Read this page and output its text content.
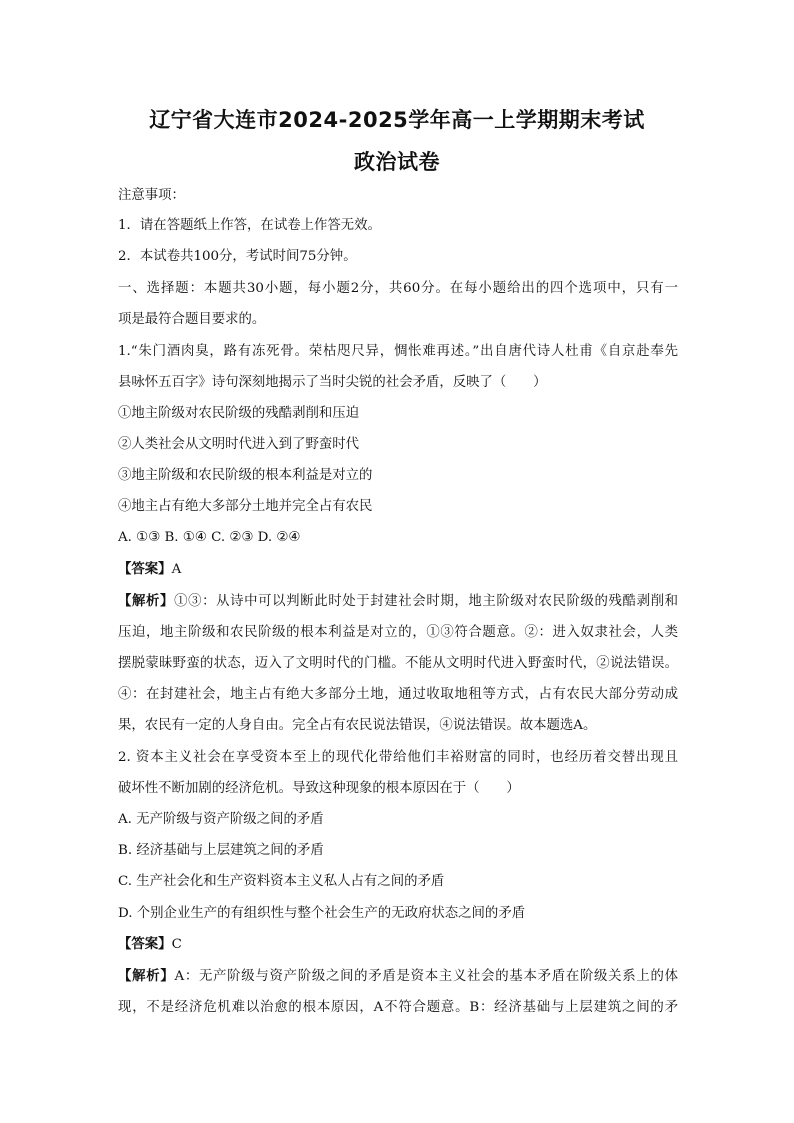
辽宁省大连市2024-2025学年高一上学期期末考试
政治试卷
注意事项：
1．请在答题纸上作答，在试卷上作答无效。
2．本试卷共100分，考试时间75分钟。
一、选择题：本题共30小题，每小题2分，共60分。在每小题给出的四个选项中，只有一
项是最符合题目要求的。
1.“朱门酒肉臭，路有冻死骨。荣枯咫尺异，惆怅难再述。”出自唐代诗人杜甫《自京赴奉先
县咏怀五百字》诗句深刻地揭示了当时尖锐的社会矛盾，反映了（　　）
①地主阶级对农民阶级的残酷剥削和压迫
②人类社会从文明时代进入到了野蛮时代
③地主阶级和农民阶级的根本利益是对立的
④地主占有绝大多部分土地并完全占有农民
A. ①③ B. ①④ C. ②③ D. ②④
【答案】A
【解析】①③：从诗中可以判断此时处于封建社会时期，地主阶级对农民阶级的残酷剥削和
压迫，地主阶级和农民阶级的根本利益是对立的，①③符合题意。②：进入奴隶社会，人类
摆脱蒙昧野蛮的状态，迈入了文明时代的门槛。不能从文明时代进入野蛮时代，②说法错误。
④：在封建社会，地主占有绝大多部分土地，通过收取地租等方式，占有农民大部分劳动成
果，农民有一定的人身自由。完全占有农民说法错误，④说法错误。故本题选A。
2. 资本主义社会在享受资本至上的现代化带给他们丰裕财富的同时，也经历着交替出现且
破坏性不断加剧的经济危机。导致这种现象的根本原因在于（　　）
A. 无产阶级与资产阶级之间的矛盾
B. 经济基础与上层建筑之间的矛盾
C. 生产社会化和生产资料资本主义私人占有之间的矛盾
D. 个别企业生产的有组织性与整个社会生产的无政府状态之间的矛盾
【答案】C
【解析】A：无产阶级与资产阶级之间的矛盾是资本主义社会的基本矛盾在阶级关系上的体
现，不是经济危机难以治愈的根本原因，A不符合题意。B：经济基础与上层建筑之间的矛
